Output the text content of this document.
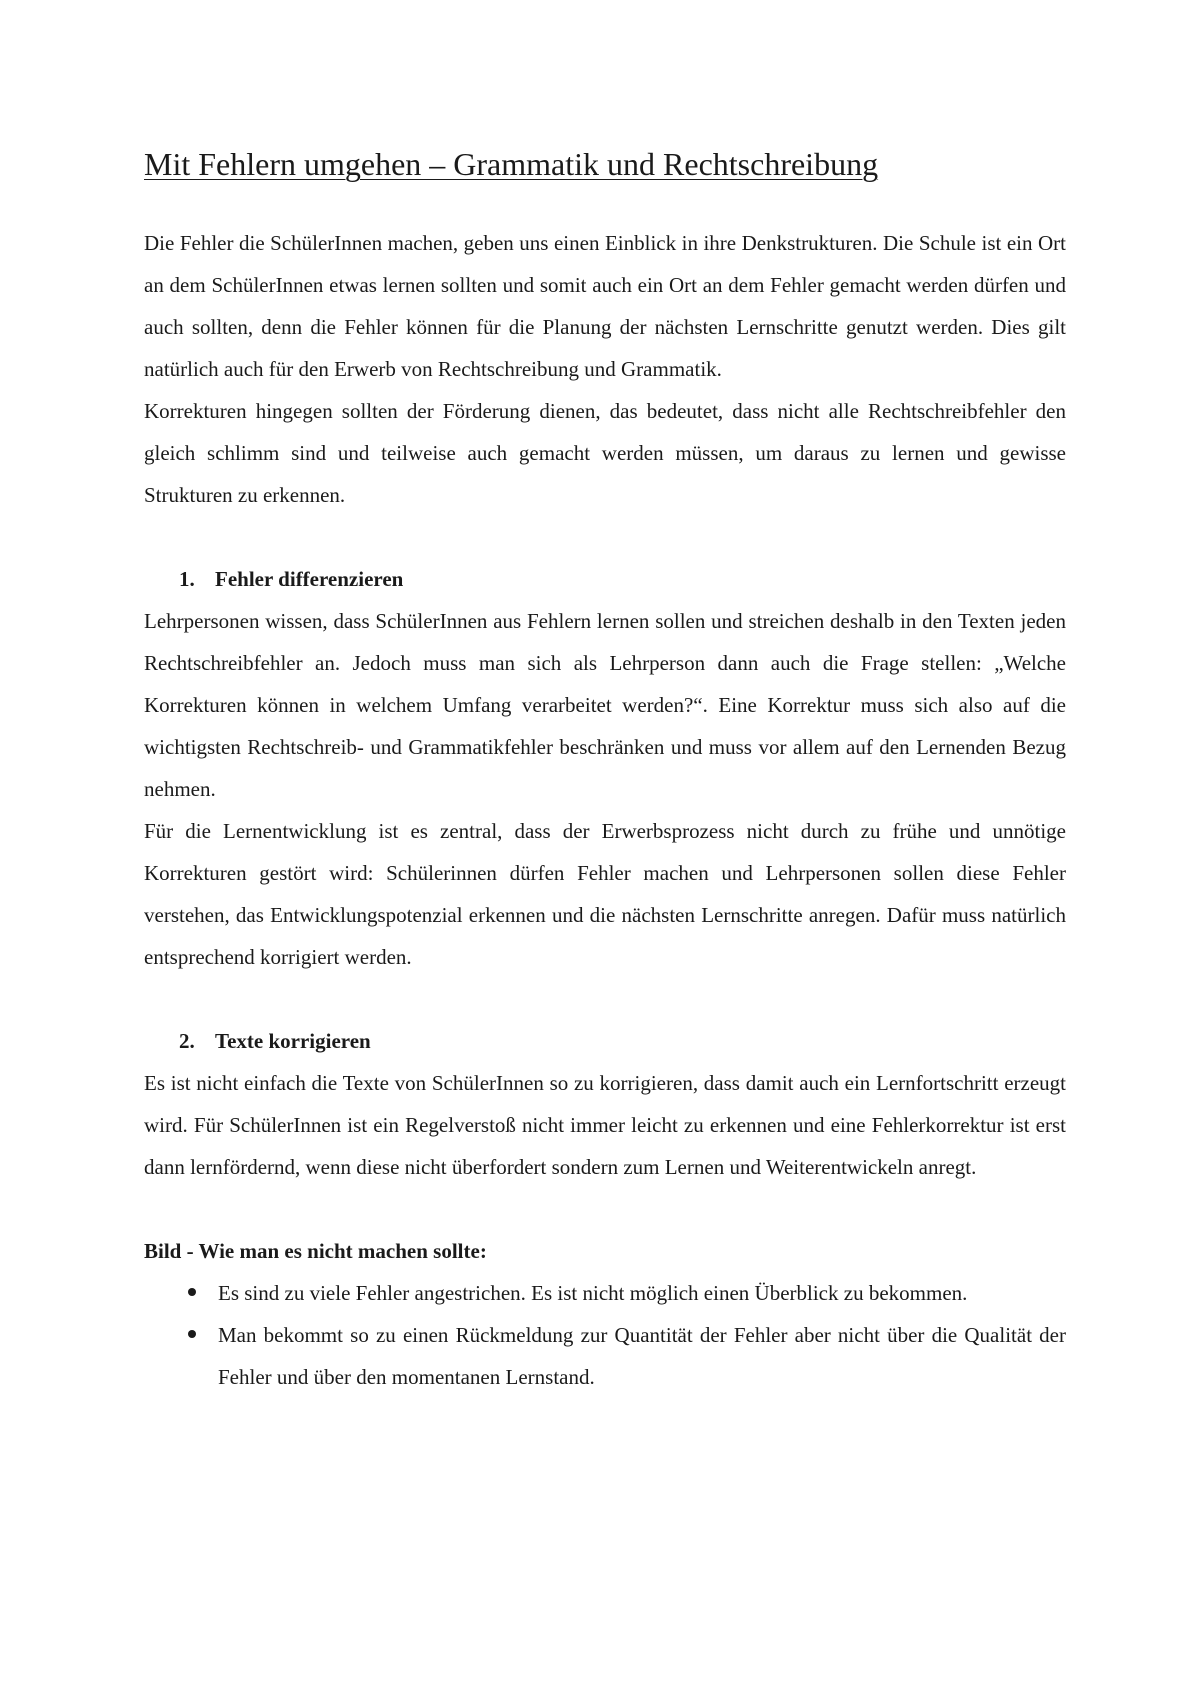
Mit Fehlern umgehen – Grammatik und Rechtschreibung

Die Fehler die SchülerInnen machen, geben uns einen Einblick in ihre Denkstrukturen. Die Schule ist ein Ort an dem SchülerInnen etwas lernen sollten und somit auch ein Ort an dem Fehler gemacht werden dürfen und auch sollten, denn die Fehler können für die Planung der nächsten Lernschritte genutzt werden. Dies gilt natürlich auch für den Erwerb von Rechtschreibung und Grammatik.

Korrekturen hingegen sollten der Förderung dienen, das bedeutet, dass nicht alle Rechtschreibfehler den gleich schlimm sind und teilweise auch gemacht werden müssen, um daraus zu lernen und gewisse Strukturen zu erkennen.

1. Fehler differenzieren

Lehrpersonen wissen, dass SchülerInnen aus Fehlern lernen sollen und streichen deshalb in den Texten jeden Rechtschreibfehler an. Jedoch muss man sich als Lehrperson dann auch die Frage stellen: „Welche Korrekturen können in welchem Umfang verarbeitet werden?“. Eine Korrektur muss sich also auf die wichtigsten Rechtschreib- und Grammatikfehler beschränken und muss vor allem auf den Lernenden Bezug nehmen.

Für die Lernentwicklung ist es zentral, dass der Erwerbsprozess nicht durch zu frühe und unnötige Korrekturen gestört wird: Schülerinnen dürfen Fehler machen und Lehrpersonen sollen diese Fehler verstehen, das Entwicklungspotenzial erkennen und die nächsten Lernschritte anregen. Dafür muss natürlich entsprechend korrigiert werden.

2. Texte korrigieren

Es ist nicht einfach die Texte von SchülerInnen so zu korrigieren, dass damit auch ein Lernfortschritt erzeugt wird. Für SchülerInnen ist ein Regelverstoß nicht immer leicht zu erkennen und eine Fehlerkorrektur ist erst dann lernfördernd, wenn diese nicht überfordert sondern zum Lernen und Weiterentwickeln anregt.

Bild - Wie man es nicht machen sollte:
Es sind zu viele Fehler angestrichen. Es ist nicht möglich einen Überblick zu bekommen.
Man bekommt so zu einen Rückmeldung zur Quantität der Fehler aber nicht über die Qualität der Fehler und über den momentanen Lernstand.
